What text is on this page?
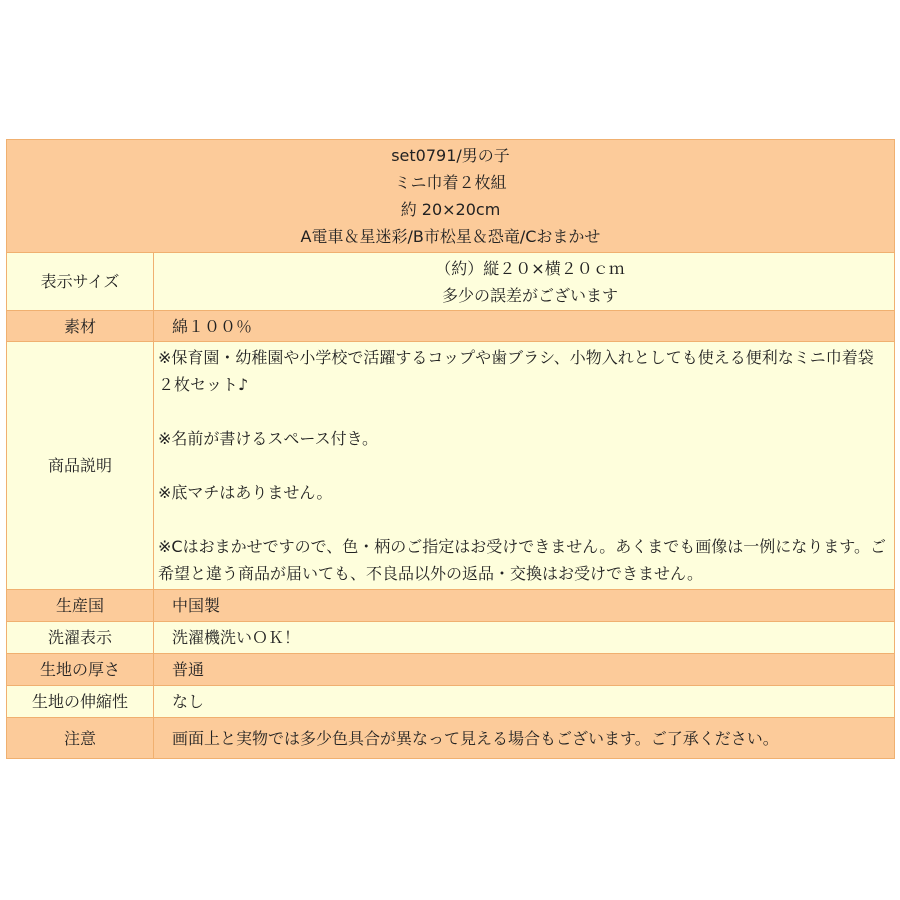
set0791/男の子
ミニ巾着２枚組
約 20×20cm
A電車＆星迷彩/B市松星＆恐竜/Cおまかせ	

表示サイズ	（約）縦２０×横２０ｃｍ
多少の誤差がございます

素材	綿１００％
商品説明	※保育園・幼稚園や小学校で活躍するコップや歯ブラシ、小物入れとしても使える便利なミニ巾着袋２枚セット♪

※名前が書けるスペース付き。

※底マチはありません。

※Cはおまかせですので、色・柄のご指定はお受けできません。あくまでも画像は一例になります。ご希望と違う商品が届いても、不良品以外の返品・交換はお受けできません。

生産国	中国製
洗濯表示	洗濯機洗いＯＫ！
生地の厚さ	普通
生地の伸縮性	なし
注意	画面上と実物では多少色具合が異なって見える場合もございます。ご了承ください。
